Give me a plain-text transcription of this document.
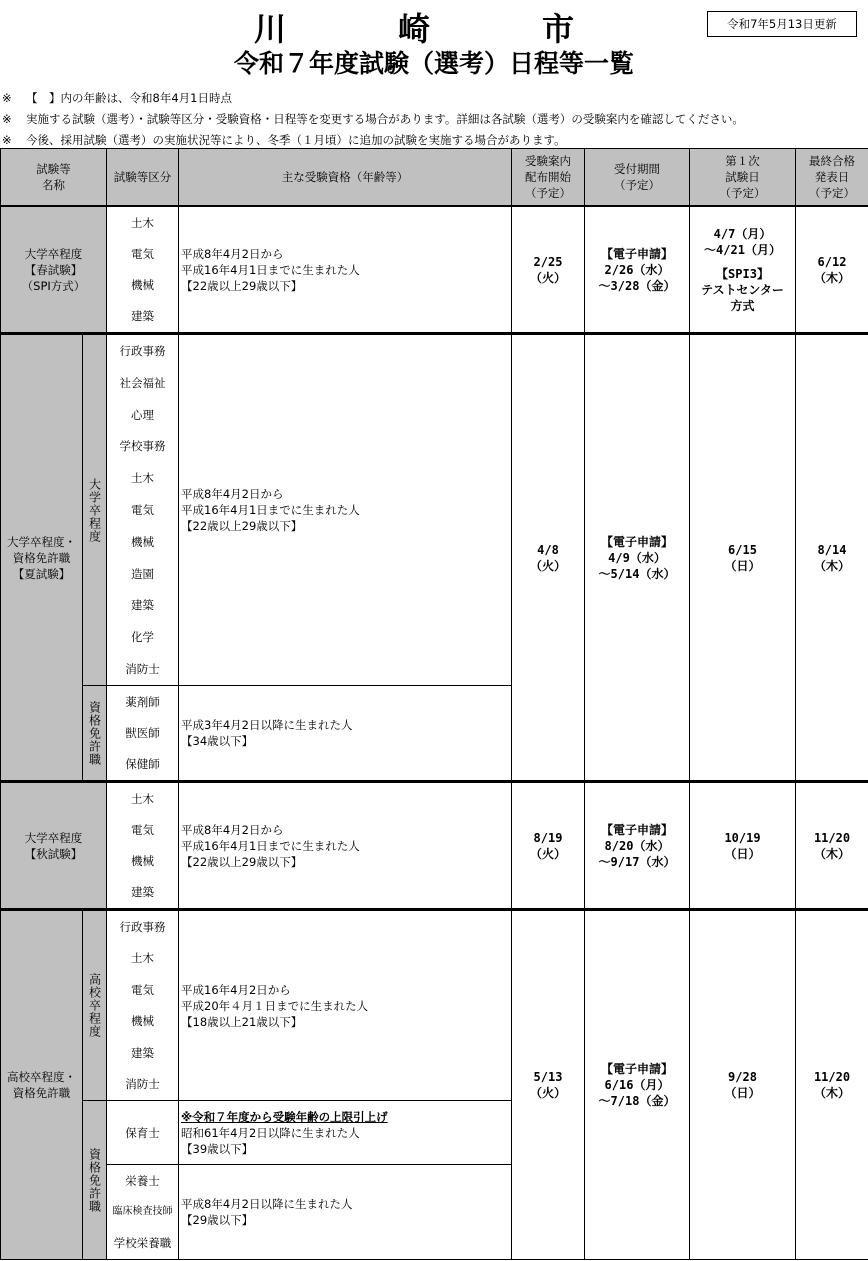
川　崎　市
令和７年度試験（選考）日程等一覧
令和7年5月13日更新
※ 【　】内の年齢は、令和8年4月1日時点
※ 実施する試験（選考）・試験等区分・受験資格・日程等を変更する場合があります。詳細は各試験（選考）の受験案内を確認してください。
※ 今後、採用試験（選考）の実施状況等により、冬季（１月頃）に追加の試験を実施する場合があります。
試験等
名称
試験等区分	主な受験資格（年齢等）
受験案内
配布開始
（予定）
受付期間
（予定）
第１次
試験日
（予定）
最終合格
発表日
（予定）
大学卒程度
【春試験】
（SPI方式）
土木
電気
機械
建築
平成8年4月2日から
平成16年4月1日までに生まれた人
【22歳以上29歳以下】
2/25
（火）
【電子申請】
2/26（水）
～3/28（金）
4/7（月）
～4/21（月）
【SPI3】
テストセンター
方式
6/12
（木）
大学卒程度・
資格免許職
【夏試験】
大学卒程度
行政事務
社会福祉
心理
学校事務
土木
電気
機械
造園
建築
化学
消防士
平成8年4月2日から
平成16年4月1日までに生まれた人
【22歳以上29歳以下】
資格免許職 薬剤師
獣医師
保健師
平成3年4月2日以降に生まれた人
【34歳以下】
4/8
（火）
【電子申請】
4/9（水）
～5/14（水）
6/15
（日）
8/14
（木）
大学卒程度
【秋試験】
土木
電気
機械
建築
平成8年4月2日から
平成16年4月1日までに生まれた人
【22歳以上29歳以下】
8/19
（火）
【電子申請】
8/20（水）
～9/17（水）
10/19
（日）
11/20
（木）
高校卒程度・
資格免許職
高校卒程度
行政事務
土木
電気
機械
建築
消防士
平成16年4月2日から
平成20年４月１日までに生まれた人
【18歳以上21歳以下】
資格免許職
保育士
※令和７年度から受験年齢の上限引上げ
昭和61年4月2日以降に生まれた人
【39歳以下】
栄養士
臨床検査技師
学校栄養職
平成8年4月2日以降に生まれた人
【29歳以下】
5/13
（火）
【電子申請】
6/16（月）
～7/18（金）
9/28
（日）
11/20
（木）
